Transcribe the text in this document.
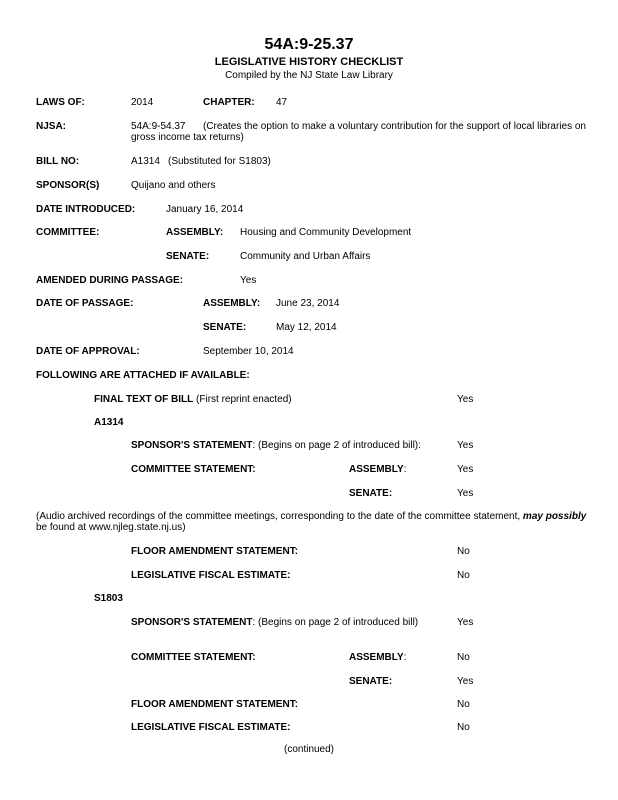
54A:9-25.37
LEGISLATIVE HISTORY CHECKLIST
Compiled by the NJ State Law Library
LAWS OF:	2014	CHAPTER: 47
NJSA:	54A:9-54.37 (Creates the option to make a voluntary contribution for the support of local libraries on
gross income tax returns)
BILL NO:	A1314 (Substituted for S1803)
SPONSOR(S)	Quijano and others
DATE INTRODUCED:	January 16, 2014
COMMITTEE:	ASSEMBLY: Housing and Community Development
SENATE:	Community and Urban Affairs
AMENDED DURING PASSAGE:	Yes
DATE OF PASSAGE:	ASSEMBLY: June 23, 2014
SENATE:	May 12, 2014
DATE OF APPROVAL:	September 10, 2014
FOLLOWING ARE ATTACHED IF AVAILABLE:
FINAL TEXT OF BILL (First reprint enacted)	Yes
A1314
SPONSOR'S STATEMENT: (Begins on page 2 of introduced bill):	Yes
COMMITTEE STATEMENT:	ASSEMBLY:	Yes
SENATE:	Yes
(Audio archived recordings of the committee meetings, corresponding to the date of the committee statement, may possibly
be found at www.njleg.state.nj.us)
FLOOR AMENDMENT STATEMENT:	No
LEGISLATIVE FISCAL ESTIMATE:	No
S1803
SPONSOR'S STATEMENT: (Begins on page 2 of introduced bill)	Yes
COMMITTEE STATEMENT:	ASSEMBLY:	No
SENATE:	Yes
FLOOR AMENDMENT STATEMENT:	No
LEGISLATIVE FISCAL ESTIMATE:	No
(continued)
